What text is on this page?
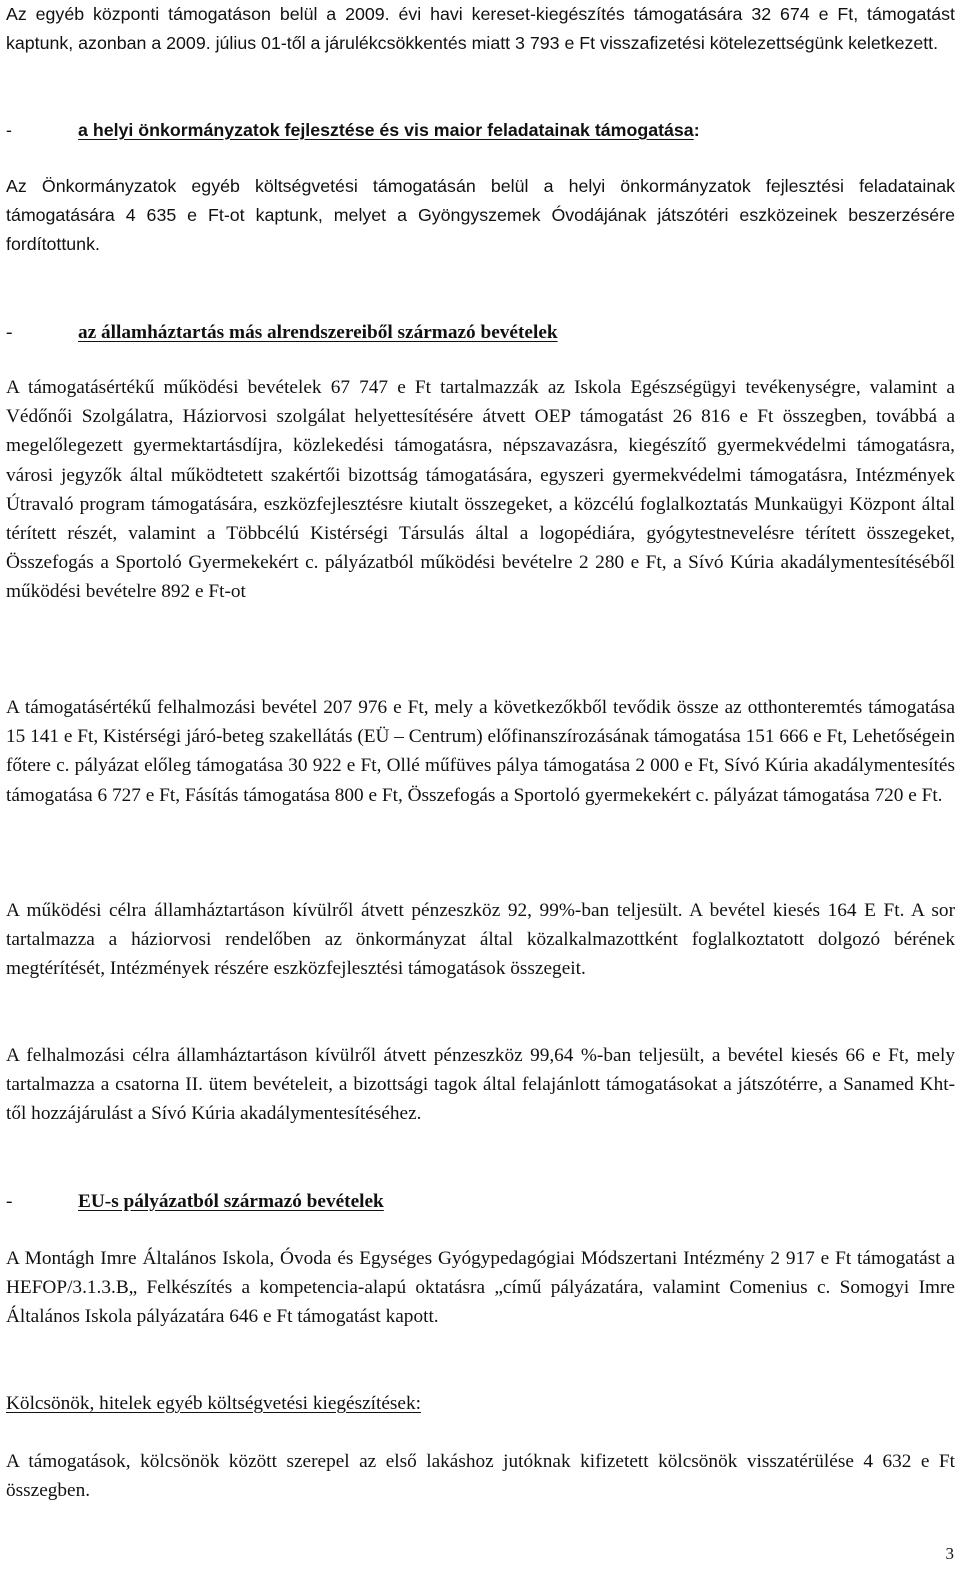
Az egyéb központi támogatáson belül a 2009. évi havi kereset-kiegészítés támogatására 32 674 e Ft, támogatást kaptunk, azonban a 2009. július 01-től a járulékcsökkentés miatt 3 793 e Ft visszafizetési kötelezettségünk keletkezett.

-	a helyi önkormányzatok fejlesztése és vis maior feladatainak támogatása:

Az Önkormányzatok egyéb költségvetési támogatásán belül a helyi önkormányzatok fejlesztési feladatainak támogatására 4 635 e Ft-ot kaptunk, melyet a Gyöngyszemek Óvodájának játszótéri eszközeinek beszerzésére fordítottunk.

-	az államháztartás más alrendszereiből származó bevételek

A támogatásértékű működési bevételek 67 747 e Ft tartalmazzák az Iskola Egészségügyi tevékenységre, valamint a Védőnői Szolgálatra, Háziorvosi szolgálat helyettesítésére átvett OEP támogatást 26 816 e Ft összegben, továbbá a megelőlegezett gyermektartásdíjra, közlekedési támogatásra, népszavazásra, kiegészítő gyermekvédelmi támogatásra, városi jegyzők által működtetett szakértői bizottság támogatására, egyszeri gyermekvédelmi támogatásra, Intézmények Útravaló program támogatására, eszközfejlesztésre kiutalt összegeket, a közcélú foglalkoztatás Munkaügyi Központ által térített részét, valamint a Többcélú Kistérségi Társulás által a logopédiára, gyógytestnevelésre térített összegeket, Összefogás a Sportoló Gyermekekért c. pályázatból működési bevételre 2 280 e Ft, a Sívó Kúria akadálymentesítéséből működési bevételre 892 e Ft-ot

A támogatásértékű felhalmozási bevétel 207 976 e Ft, mely a következőkből tevődik össze az otthonteremtés támogatása 15 141 e Ft, Kistérségi járó-beteg szakellátás (EÜ – Centrum) előfinanszírozásának támogatása 151 666 e Ft, Lehetőségein főtere c. pályázat előleg támogatása 30 922 e Ft, Ollé műfüves pálya támogatása 2 000 e Ft, Sívó Kúria akadálymentesítés támogatása 6 727 e Ft, Fásítás támogatása 800 e Ft, Összefogás a Sportoló gyermekekért c. pályázat támogatása 720 e Ft.

A működési célra államháztartáson kívülről átvett pénzeszköz 92, 99%-ban teljesült. A bevétel kiesés 164 E Ft. A sor tartalmazza a háziorvosi rendelőben az önkormányzat által közalkalmazottként foglalkoztatott dolgozó bérének megtérítését, Intézmények részére eszközfejlesztési támogatások összegeit.

A felhalmozási célra államháztartáson kívülről átvett pénzeszköz 99,64 %-ban teljesült, a bevétel kiesés 66 e Ft, mely tartalmazza a csatorna II. ütem bevételeit, a bizottsági tagok által felajánlott támogatásokat a játszótérre, a Sanamed Kht-től hozzájárulást a Sívó Kúria akadálymentesítéséhez.

-	EU-s pályázatból származó bevételek

A Montágh Imre Általános Iskola, Óvoda és Egységes Gyógypedagógiai Módszertani Intézmény 2 917 e Ft támogatást a HEFOP/3.1.3.B„ Felkészítés a kompetencia-alapú oktatásra „című pályázatára, valamint Comenius c. Somogyi Imre Általános Iskola pályázatára 646 e Ft támogatást kapott.

Kölcsönök, hitelek egyéb költségvetési kiegészítések:

A támogatások, kölcsönök között szerepel az első lakáshoz jutóknak kifizetett kölcsönök visszatérülése 4 632 e Ft összegben.

3
